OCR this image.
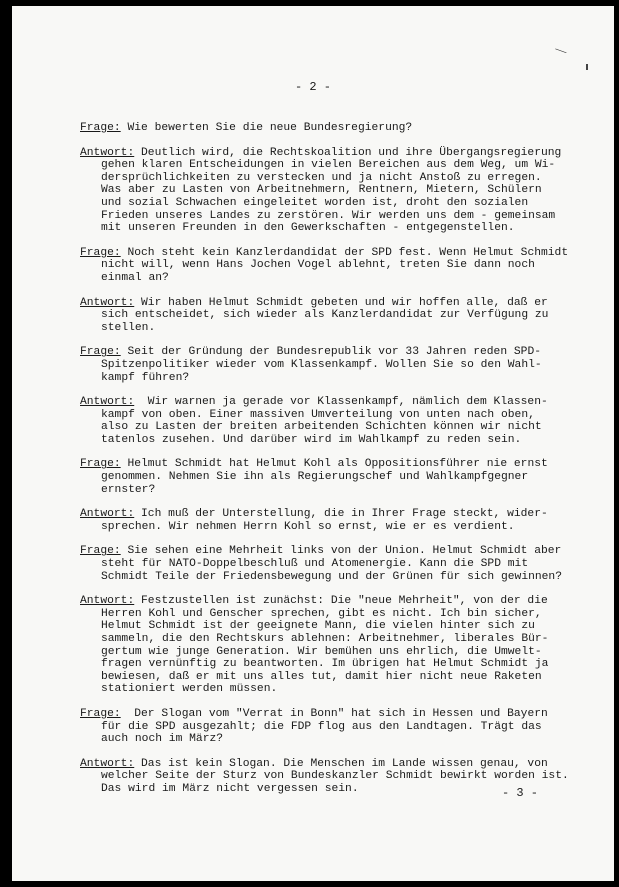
⟍
- 2 -
Frage: Wie bewerten Sie die neue Bundesregierung?
Antwort: Deutlich wird, die Rechtskoalition und ihre Übergangsregierung
gehen klaren Entscheidungen in vielen Bereichen aus dem Weg, um Wi-
dersprüchlichkeiten zu verstecken und ja nicht Anstoß zu erregen.
Was aber zu Lasten von Arbeitnehmern, Rentnern, Mietern, Schülern
und sozial Schwachen eingeleitet worden ist, droht den sozialen
Frieden unseres Landes zu zerstören. Wir werden uns dem - gemeinsam
mit unseren Freunden in den Gewerkschaften - entgegenstellen.
Frage: Noch steht kein Kanzlerdandidat der SPD fest. Wenn Helmut Schmidt
nicht will, wenn Hans Jochen Vogel ablehnt, treten Sie dann noch
einmal an?
Antwort: Wir haben Helmut Schmidt gebeten und wir hoffen alle, daß er
sich entscheidet, sich wieder als Kanzlerdandidat zur Verfügung zu
stellen.
Frage: Seit der Gründung der Bundesrepublik vor 33 Jahren reden SPD-
Spitzenpolitiker wieder vom Klassenkampf. Wollen Sie so den Wahl-
kampf führen?
Antwort:  Wir warnen ja gerade vor Klassenkampf, nämlich dem Klassen-
kampf von oben. Einer massiven Umverteilung von unten nach oben,
also zu Lasten der breiten arbeitenden Schichten können wir nicht
tatenlos zusehen. Und darüber wird im Wahlkampf zu reden sein.
Frage: Helmut Schmidt hat Helmut Kohl als Oppositionsführer nie ernst
genommen. Nehmen Sie ihn als Regierungschef und Wahlkampfgegner
ernster?
Antwort: Ich muß der Unterstellung, die in Ihrer Frage steckt, wider-
sprechen. Wir nehmen Herrn Kohl so ernst, wie er es verdient.
Frage: Sie sehen eine Mehrheit links von der Union. Helmut Schmidt aber
steht für NATO-Doppelbeschluß und Atomenergie. Kann die SPD mit
Schmidt Teile der Friedensbewegung und der Grünen für sich gewinnen?
Antwort: Festzustellen ist zunächst: Die "neue Mehrheit", von der die
Herren Kohl und Genscher sprechen, gibt es nicht. Ich bin sicher,
Helmut Schmidt ist der geeignete Mann, die vielen hinter sich zu
sammeln, die den Rechtskurs ablehnen: Arbeitnehmer, liberales Bür-
gertum wie junge Generation. Wir bemühen uns ehrlich, die Umwelt-
fragen vernünftig zu beantworten. Im übrigen hat Helmut Schmidt ja
bewiesen, daß er mit uns alles tut, damit hier nicht neue Raketen
stationiert werden müssen.
Frage:  Der Slogan vom "Verrat in Bonn" hat sich in Hessen und Bayern
für die SPD ausgezahlt; die FDP flog aus den Landtagen. Trägt das
auch noch im März?
Antwort: Das ist kein Slogan. Die Menschen im Lande wissen genau, von
welcher Seite der Sturz von Bundeskanzler Schmidt bewirkt worden ist.
Das wird im März nicht vergessen sein.	- 3 -
